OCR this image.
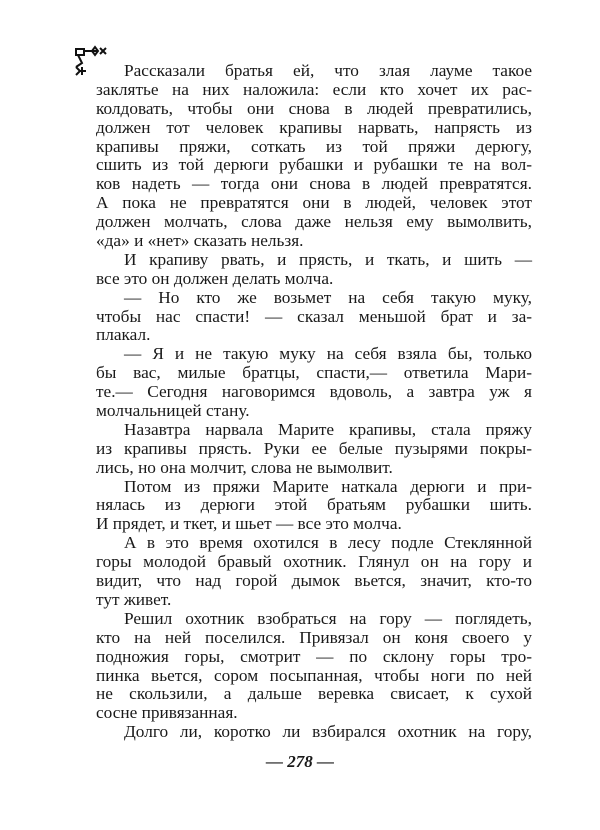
Рассказали братья ей, что злая лауме такое
заклятье на них наложила: если кто хочет их рас-
колдовать, чтобы они снова в людей превратились,
должен тот человек крапивы нарвать, напрясть из
крапивы пряжи, соткать из той пряжи дерюгу,
сшить из той дерюги рубашки и рубашки те на вол-
ков надеть — тогда они снова в людей превратятся.
А пока не превратятся они в людей, человек этот
должен молчать, слова даже нельзя ему вымолвить,
«да» и «нет» сказать нельзя.
И крапиву рвать, и прясть, и ткать, и шить —
все это он должен делать молча.
— Но кто же возьмет на себя такую муку,
чтобы нас спасти! — сказал меньшой брат и за-
плакал.
— Я и не такую муку на себя взяла бы, только
бы вас, милые братцы, спасти,— ответила Мари-
те.— Сегодня наговоримся вдоволь, а завтра уж я
молчальницей стану.
Назавтра нарвала Марите крапивы, стала пряжу
из крапивы прясть. Руки ее белые пузырями покры-
лись, но она молчит, слова не вымолвит.
Потом из пряжи Марите наткала дерюги и при-
нялась из дерюги этой братьям рубашки шить.
И прядет, и ткет, и шьет — все это молча.
А в это время охотился в лесу подле Стеклянной
горы молодой бравый охотник. Глянул он на гору и
видит, что над горой дымок вьется, значит, кто-то
тут живет.
Решил охотник взобраться на гору — поглядеть,
кто на ней поселился. Привязал он коня своего у
подножия горы, смотрит — по склону горы тро-
пинка вьется, сором посыпанная, чтобы ноги по ней
не скользили, а дальше веревка свисает, к сухой
сосне привязанная.
Долго ли, коротко ли взбирался охотник на гору,
— 278 —
